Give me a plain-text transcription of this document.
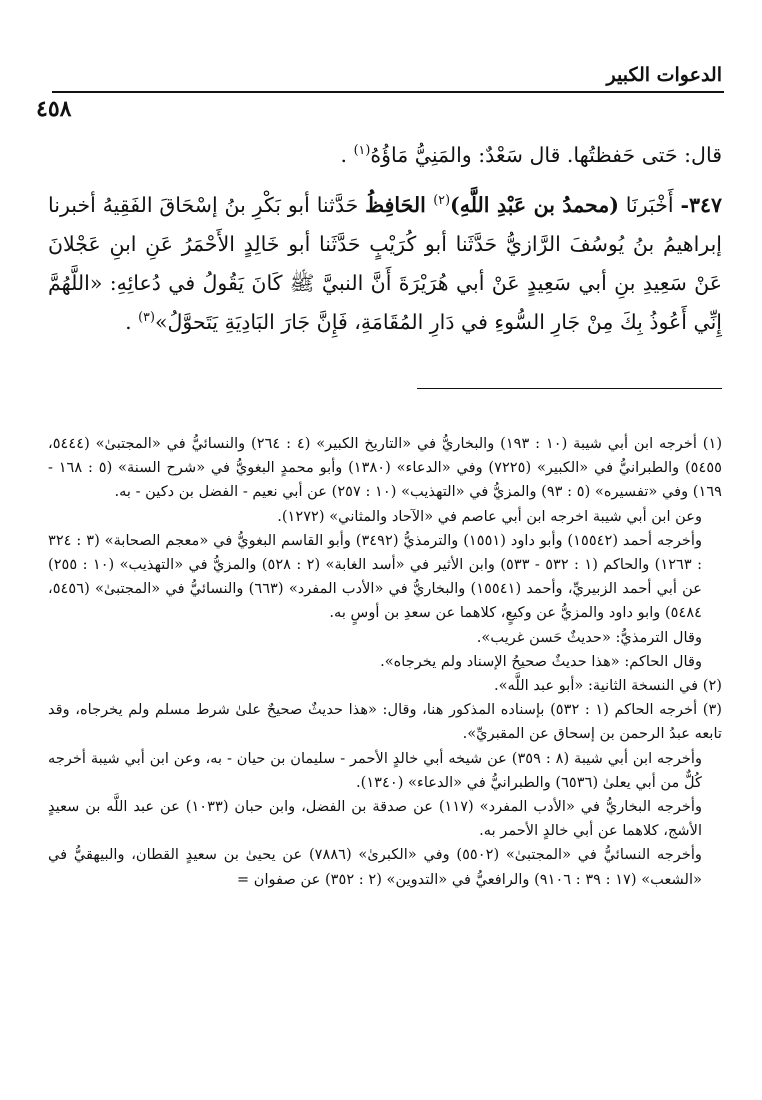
الدعوات الكبير
٤٥٨

قال: حَتى حَفظتُها. قال سَعْدٌ: والمَنِيُّ مَاؤُهُ$^{(١)}$ .

٣٤٧- أَخْبَرنَا (محمدُ بن عَبْدِ اللَّهِ)$^{(٢)}$ الحَافِظُ حَدَّثنا أبو بَكْرِ بنُ إسْحَاقَ الفَقِيهُ أخبرنا إبراهيمُ بنُ يُوسُفَ الرَّازيُّ حَدَّثَنا أبو كُرَيْبٍ حَدَّثَنا أبو خَالِدٍ الأَحْمَرُ عَنِ ابنِ عَجْلانَ عَنْ سَعِيدِ بنِ أبي سَعِيدٍ عَنْ أبي هُرَيْرَةَ أَنَّ النبيَّ ﷺ كَانَ يَقُولُ في دُعائِهِ: «اللَّهُمَّ إِنِّي أَعُوذُ بِكَ مِنْ جَارِ السُّوءِ في دَارِ المُقَامَةِ، فَإِنَّ جَارَ البَادِيَةِ يَتَحوَّلُ»$^{(٣)}$ .

(١) أخرجه ابن أبي شيبة (١٠ : ١٩٣) والبخاريُّ في «التاريخ الكبير» (٤ : ٢٦٤) والنسائيُّ في «المجتبىٰ» (٥٤٤٤، ٥٤٥٥) والطبرانيُّ في «الكبير» (٧٢٢٥) وفي «الدعاء» (١٣٨٠) وأبو محمدٍ البغويُّ في «شرح السنة» (٥ : ١٦٨ - ١٦٩) وفي «تفسيره» (٥ : ٩٣) والمزيُّ في «التهذيب» (١٠ : ٢٥٧) عن أبي نعيم - الفضل بن دكين - به.

وعن ابن أبي شيبة اخرجه ابن أبي عاصم في «الآحاد والمثاني» (١٢٧٢).

وأخرجه أحمد (١٥٥٤٢) وأبو داود (١٥٥١) والترمذيُّ (٣٤٩٢) وأبو القاسم البغويُّ في «معجم الصحابة» (٣ : ٣٢٤ : ١٢٦٣) والحاكم (١ : ٥٣٢ - ٥٣٣) وابن الأثير في «أسد الغابة» (٢ : ٥٢٨) والمزيُّ في «التهذيب» (١٠ : ٢٥٥) عن أبي أحمد الزبيريِّ، وأحمد (١٥٥٤١) والبخاريُّ في «الأدب المفرد» (٦٦٣) والنسائيُّ في «المجتبىٰ» (٥٤٥٦، ٥٤٨٤) وابو داود والمزيُّ عن وكيعٍ، كلاهما عن سعدِ بن أوسٍ به.

وقال الترمذيُّ: «حديثٌ حَسن غريب».

وقال الحاكم: «هذا حديثٌ صحيحُ الإسناد ولم يخرجاه».

(٢) في النسخة الثانية: «أبو عبد اللَّه».

(٣) أخرجه الحاكم (١ : ٥٣٢) بإسناده المذكور هنا، وقال: «هذا حديثٌ صحيحٌ علىٰ شرط مسلم ولم يخرجاه، وقد تابعه عبدُ الرحمن بن إسحاق عن المقبريِّ».

وأخرجه ابن أبي شيبة (٨ : ٣٥٩) عن شيخه أبي خالدٍ الأحمر - سليمان بن حيان - به، وعن ابن أبي شيبة أخرجه كُلٌّ من أبي يعلىٰ (٦٥٣٦) والطبرانيُّ في «الدعاء» (١٣٤٠).

وأخرجه البخاريُّ في «الأدب المفرد» (١١٧) عن صدقة بن الفضل، وابن حبان (١٠٣٣) عن عبد اللَّه بن سعيدٍ الأشج، كلاهما عن أبي خالدٍ الأحمر به.

وأخرجه النسائيُّ في «المجتبىٰ» (٥٥٠٢) وفي «الكبرىٰ» (٧٨٨٦) عن يحيىٰ بن سعيدٍ القطان، والبيهقيُّ في «الشعب» (١٧ : ٣٩ : ٩١٠٦) والرافعيُّ في «التدوين» (٢ : ٣٥٢) عن صفوان =
